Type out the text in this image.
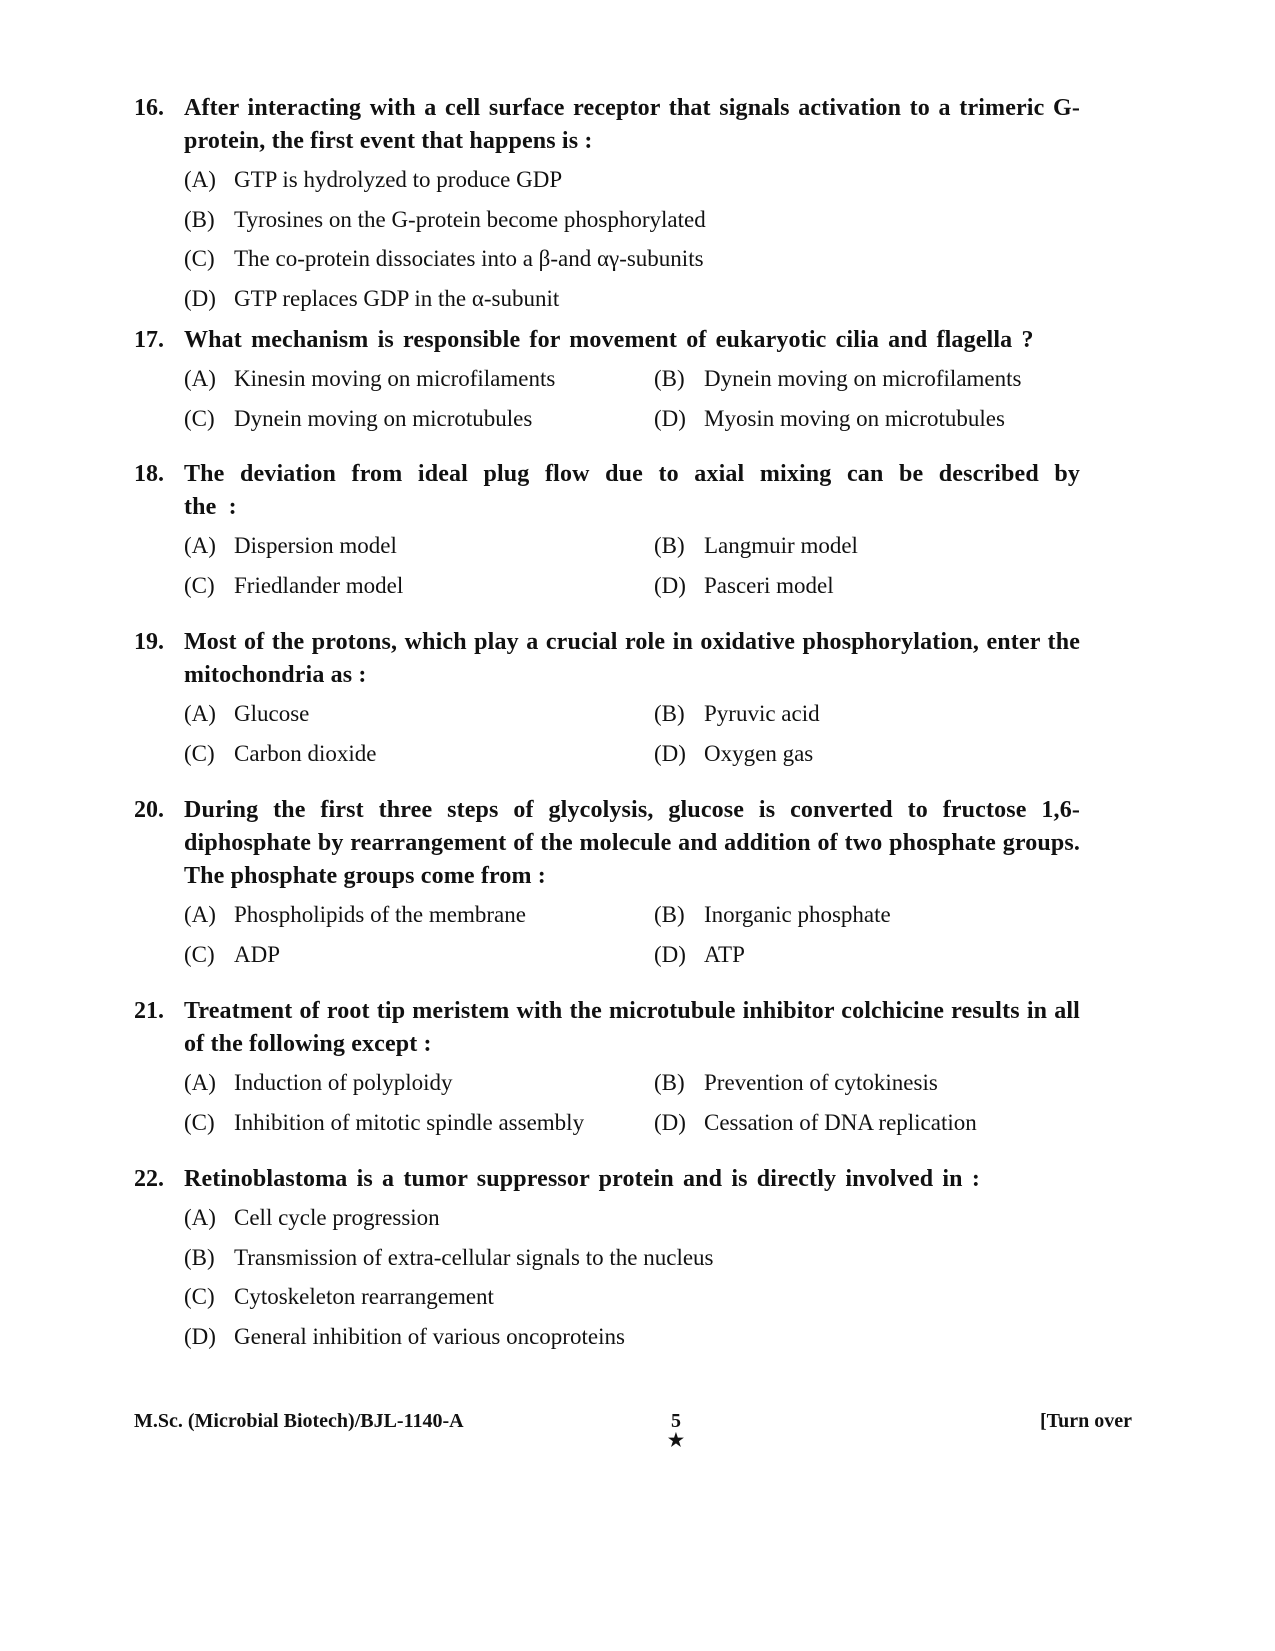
16. After interacting with a cell surface receptor that signals activation to a trimeric G-protein, the first event that happens is :
(A) GTP is hydrolyzed to produce GDP
(B) Tyrosines on the G-protein become phosphorylated
(C) The co-protein dissociates into a β-and αγ-subunits
(D) GTP replaces GDP in the α-subunit
17. What mechanism is responsible for movement of eukaryotic cilia and flagella ?
(A) Kinesin moving on microfilaments	(B) Dynein moving on microfilaments
(C) Dynein moving on microtubules	(D) Myosin moving on microtubules
18. The deviation from ideal plug flow due to axial mixing can be described by the :
(A) Dispersion model	(B) Langmuir model
(C) Friedlander model	(D) Pasceri model
19. Most of the protons, which play a crucial role in oxidative phosphorylation, enter the mitochondria as :
(A) Glucose	(B) Pyruvic acid
(C) Carbon dioxide	(D) Oxygen gas
20. During the first three steps of glycolysis, glucose is converted to fructose 1,6-diphosphate by rearrangement of the molecule and addition of two phosphate groups. The phosphate groups come from :
(A) Phospholipids of the membrane	(B) Inorganic phosphate
(C) ADP	(D) ATP
21. Treatment of root tip meristem with the microtubule inhibitor colchicine results in all of the following except :
(A) Induction of polyploidy	(B) Prevention of cytokinesis
(C) Inhibition of mitotic spindle assembly	(D) Cessation of DNA replication
22. Retinoblastoma is a tumor suppressor protein and is directly involved in :
(A) Cell cycle progression
(B) Transmission of extra-cellular signals to the nucleus
(C) Cytoskeleton rearrangement
(D) General inhibition of various oncoproteins
M.Sc. (Microbial Biotech)/BJL-1140-A	5
★
[Turn over
